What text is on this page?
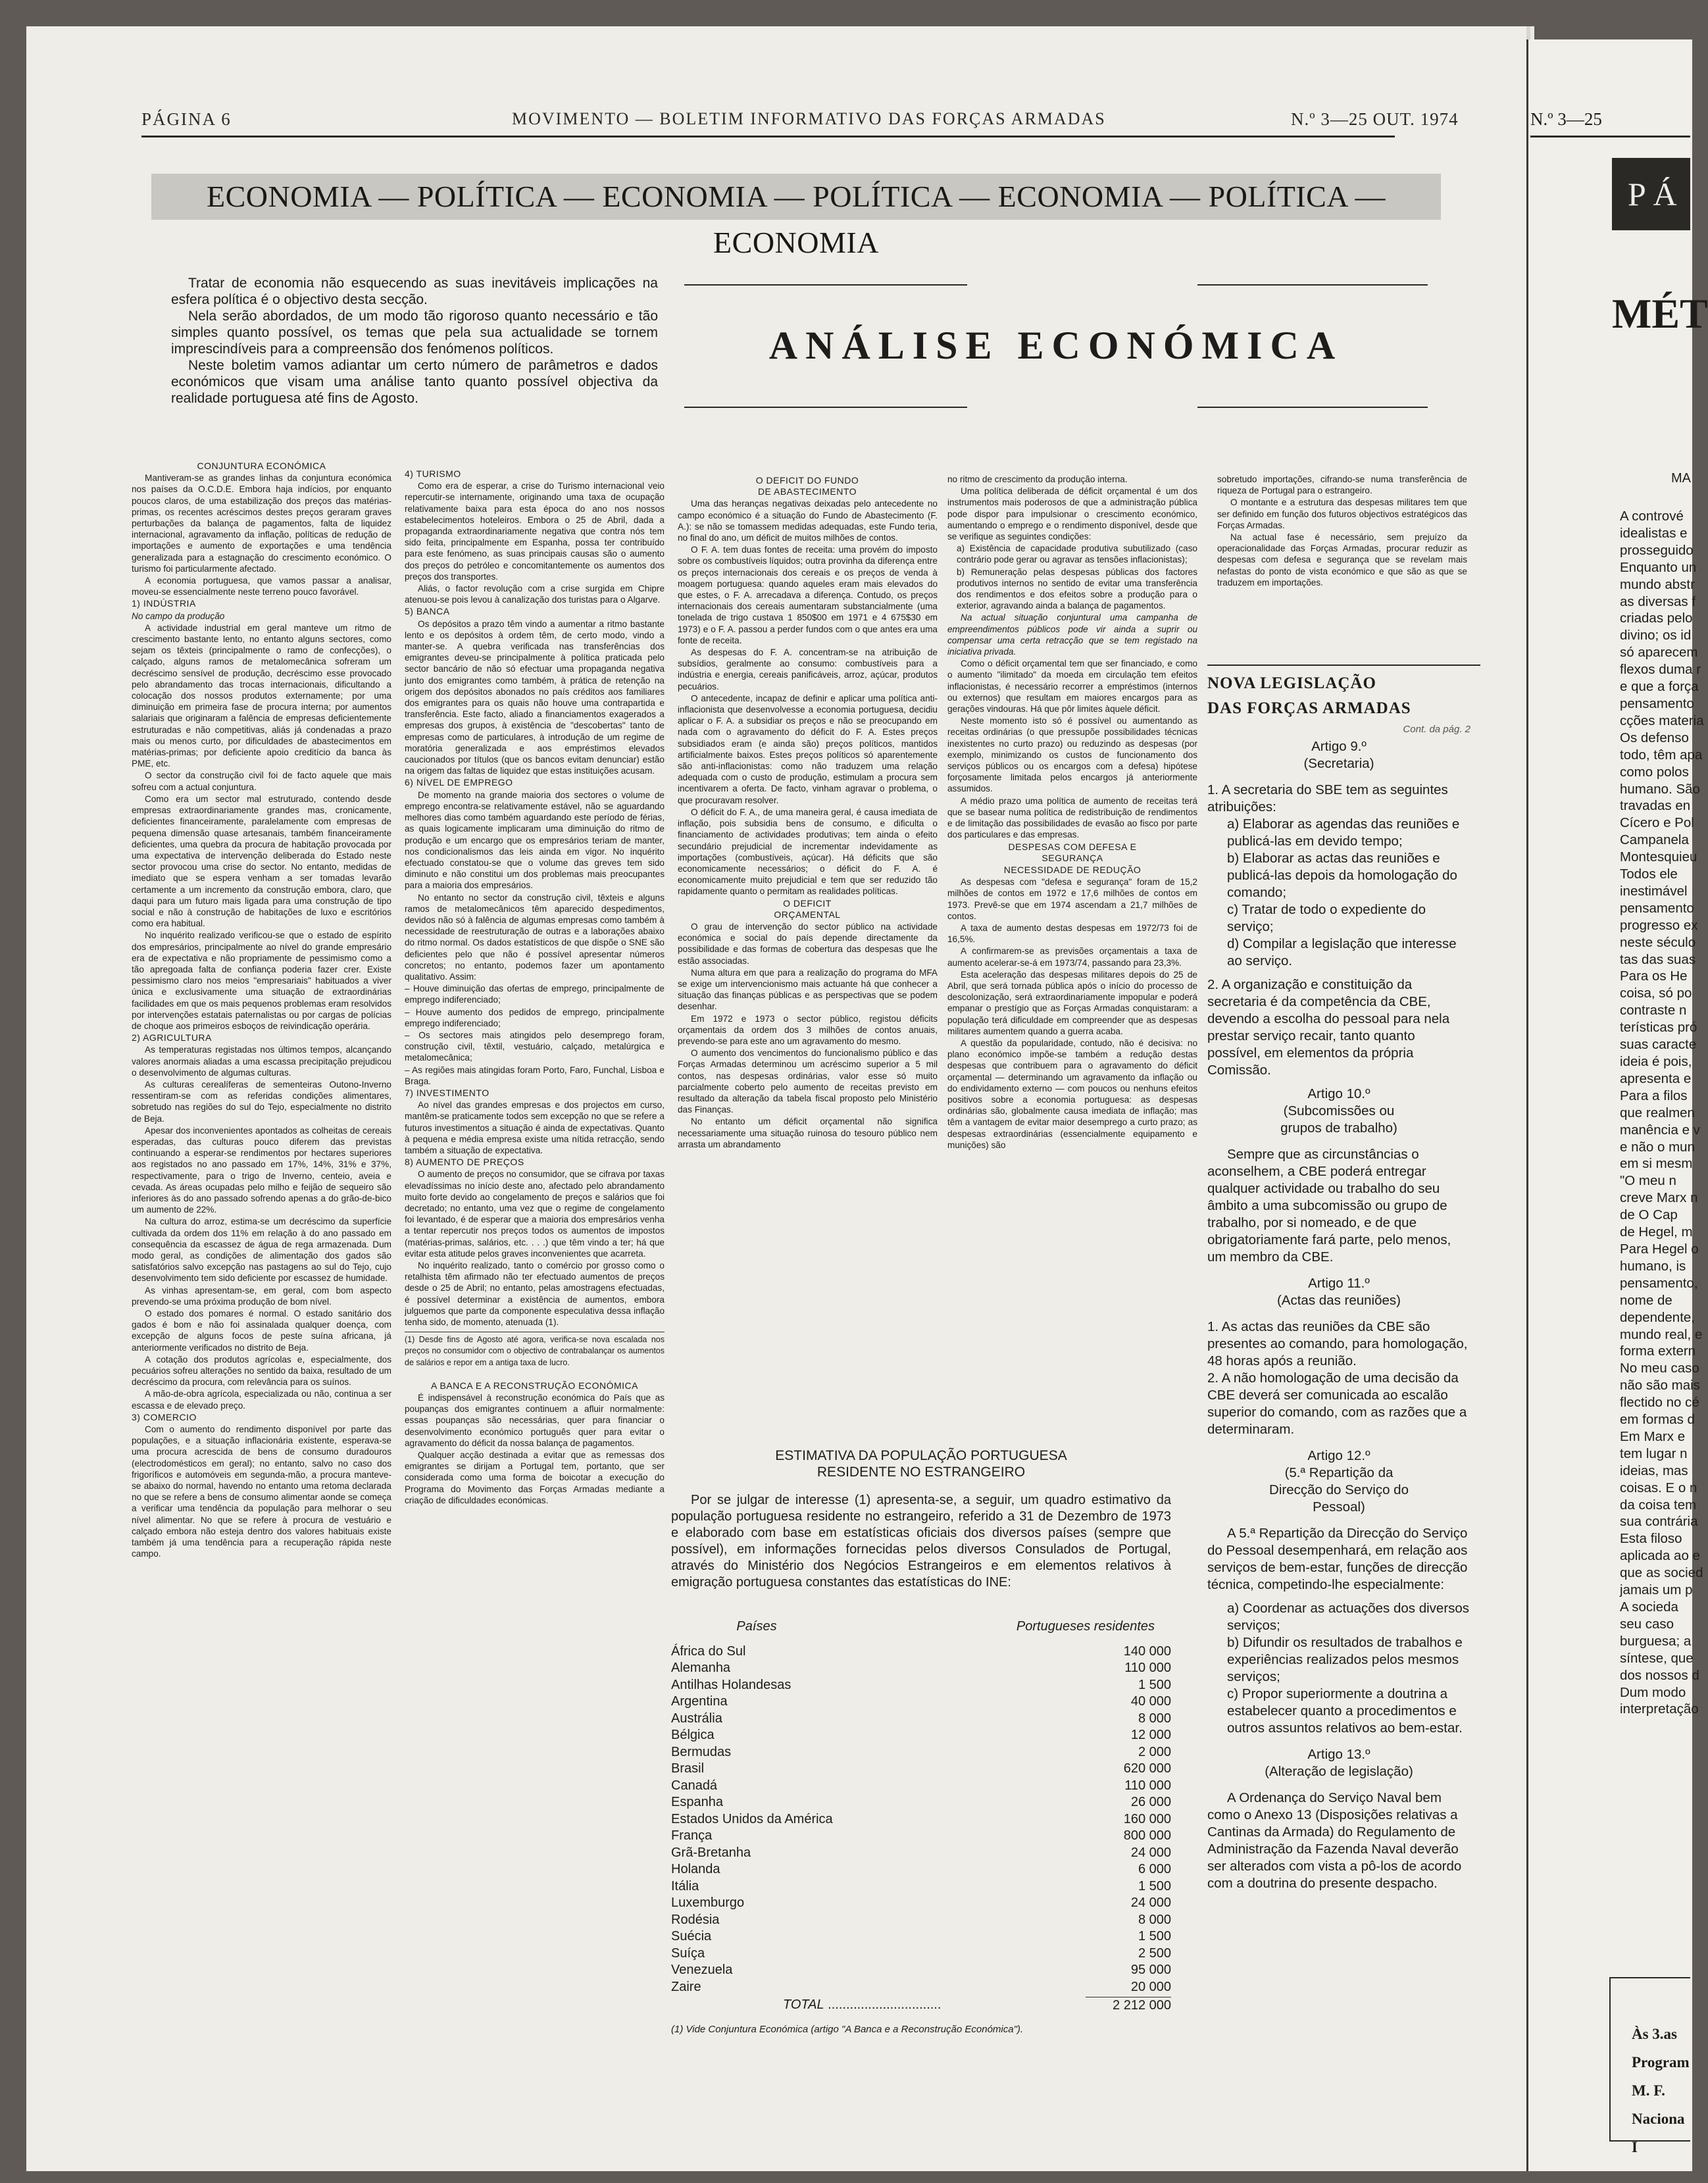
PÁGINA 6	MOVIMENTO — BOLETIM INFORMATIVO DAS FORÇAS ARMADAS	N.º 3—25 OUT. 1974
ECONOMIA — POLÍTICA — ECONOMIA — POLÍTICA — ECONOMIA — POLÍTICA — ECONOMIA

Tratar de economia não esquecendo as suas inevitáveis implicações na esfera política é o objectivo desta secção.

Nela serão abordados, de um modo tão rigoroso quanto necessário e tão simples quanto possível, os temas que pela sua actualidade se tornem imprescindíveis para a compreensão dos fenómenos políticos.

Neste boletim vamos adiantar um certo número de parâmetros e dados económicos que visam uma análise tanto quanto possível objectiva da realidade portuguesa até fins de Agosto.

ANÁLISE ECONÓMICA

CONJUNTURA ECONÓMICA

Mantiveram-se as grandes linhas da conjuntura económica nos países da O.C.D.E. Embora haja indícios, por enquanto poucos claros, de uma estabilização dos preços das matérias-primas, os recentes acréscimos destes preços geraram graves perturbações da balança de pagamentos, falta de liquidez internacional, agravamento da inflação, políticas de redução de importações e aumento de exportações e uma tendência generalizada para a estagnação do crescimento económico. O turismo foi particularmente afectado.

A economia portuguesa, que vamos passar a analisar, moveu-se essencialmente neste terreno pouco favorável.

1) INDÚSTRIA

No campo da produção

A actividade industrial em geral manteve um ritmo de crescimento bastante lento, no entanto alguns sectores, como sejam os têxteis (principalmente o ramo de confecções), o calçado, alguns ramos de metalomecânica sofreram um decréscimo sensível de produção, decréscimo esse provocado pelo abrandamento das trocas internacionais, dificultando a colocação dos nossos produtos externamente; por uma diminuição em primeira fase de procura interna; por aumentos salariais que originaram a falência de empresas deficientemente estruturadas e não competitivas, aliás já condenadas a prazo mais ou menos curto, por dificuldades de abastecimentos em matérias-primas; por deficiente apoio creditício da banca às PME, etc.

O sector da construção civil foi de facto aquele que mais sofreu com a actual conjuntura.

Como era um sector mal estruturado, contendo desde empresas extraordinariamente grandes mas, cronicamente, deficientes financeiramente, paralelamente com empresas de pequena dimensão quase artesanais, também financeiramente deficientes, uma quebra da procura de habitação provocada por uma expectativa de intervenção deliberada do Estado neste sector provocou uma crise do sector. No entanto, medidas de imediato que se espera venham a ser tomadas levarão certamente a um incremento da construção embora, claro, que daqui para um futuro mais ligada para uma construção de tipo social e não à construção de habitações de luxo e escritórios como era habitual.

No inquérito realizado verificou-se que o estado de espírito dos empresários, principalmente ao nível do grande empresário era de expectativa e não propriamente de pessimismo como a tão apregoada falta de confiança poderia fazer crer. Existe pessimismo claro nos meios "empresariais" habituados a viver única e exclusivamente uma situação de extraordinárias facilidades em que os mais pequenos problemas eram resolvidos por intervenções estatais paternalistas ou por cargas de polícias de choque aos primeiros esboços de reivindicação operária.

2) AGRICULTURA

As temperaturas registadas nos últimos tempos, alcançando valores anormais aliadas a uma escassa precipitação prejudicou o desenvolvimento de algumas culturas.

As culturas cerealíferas de sementeiras Outono-Inverno ressentiram-se com as referidas condições alimentares, sobretudo nas regiões do sul do Tejo, especialmente no distrito de Beja.

Apesar dos inconvenientes apontados as colheitas de cereais esperadas, das culturas pouco diferem das previstas continuando a esperar-se rendimentos por hectares superiores aos registados no ano passado em 17%, 14%, 31% e 37%, respectivamente, para o trigo de Inverno, centeio, aveia e cevada. As áreas ocupadas pelo milho e feijão de sequeiro são inferiores às do ano passado sofrendo apenas a do grão-de-bico um aumento de 22%.

Na cultura do arroz, estima-se um decréscimo da superfície cultivada da ordem dos 11% em relação à do ano passado em consequência da escassez de água de rega armazenada. Dum modo geral, as condições de alimentação dos gados são satisfatórios salvo excepção nas pastagens ao sul do Tejo, cujo desenvolvimento tem sido deficiente por escassez de humidade.

As vinhas apresentam-se, em geral, com bom aspecto prevendo-se uma próxima produção de bom nível.

O estado dos pomares é normal. O estado sanitário dos gados é bom e não foi assinalada qualquer doença, com excepção de alguns focos de peste suína africana, já anteriormente verificados no distrito de Beja.

A cotação dos produtos agrícolas e, especialmente, dos pecuários sofreu alterações no sentido da baixa, resultado de um decréscimo da procura, com relevância para os suínos.

A mão-de-obra agrícola, especializada ou não, continua a ser escassa e de elevado preço.

3) COMERCIO

Com o aumento do rendimento disponível por parte das populações, e a situação inflacionária existente, esperava-se uma procura acrescida de bens de consumo duradouros (electrodomésticos em geral); no entanto, salvo no caso dos frigoríficos e automóveis em segunda-mão, a procura manteve-se abaixo do normal, havendo no entanto uma retoma declarada no que se refere a bens de consumo alimentar aonde se começa a verificar uma tendência da população para melhorar o seu nível alimentar. No que se refere à procura de vestuário e calçado embora não esteja dentro dos valores habituais existe também já uma tendência para a recuperação rápida neste campo.

4) TURISMO

Como era de esperar, a crise do Turismo internacional veio repercutir-se internamente, originando uma taxa de ocupação relativamente baixa para esta época do ano nos nossos estabelecimentos hoteleiros. Embora o 25 de Abril, dada a propaganda extraordinariamente negativa que contra nós tem sido feita, principalmente em Espanha, possa ter contribuído para este fenómeno, as suas principais causas são o aumento dos preços do petróleo e concomitantemente os aumentos dos preços dos transportes.

Aliás, o factor revolução com a crise surgida em Chipre atenuou-se pois levou à canalização dos turistas para o Algarve.

5) BANCA

Os depósitos a prazo têm vindo a aumentar a ritmo bastante lento e os depósitos à ordem têm, de certo modo, vindo a manter-se. A quebra verificada nas transferências dos emigrantes deveu-se principalmente à política praticada pelo sector bancário de não só efectuar uma propaganda negativa junto dos emigrantes como também, à prática de retenção na origem dos depósitos abonados no país créditos aos familiares dos emigrantes para os quais não houve uma contrapartida e transferência. Este facto, aliado a financiamentos exagerados a empresas dos grupos, à existência de "descobertas" tanto de empresas como de particulares, à introdução de um regime de moratória generalizada e aos empréstimos elevados caucionados por títulos (que os bancos evitam denunciar) estão na origem das faltas de liquidez que estas instituições acusam.

6) NÍVEL DE EMPREGO

De momento na grande maioria dos sectores o volume de emprego encontra-se relativamente estável, não se aguardando melhores dias como também aguardando este período de férias, as quais logicamente implicaram uma diminuição do ritmo de produção e um encargo que os empresários teriam de manter, nos condicionalismos das leis ainda em vigor. No inquérito efectuado constatou-se que o volume das greves tem sido diminuto e não constitui um dos problemas mais preocupantes para a maioria dos empresários.

No entanto no sector da construção civil, têxteis e alguns ramos de metalomecânicos têm aparecido despedimentos, devidos não só à falência de algumas empresas como também à necessidade de reestruturação de outras e a laborações abaixo do ritmo normal. Os dados estatísticos de que dispõe o SNE são deficientes pelo que não é possível apresentar números concretos; no entanto, podemos fazer um apontamento qualitativo. Assim:

– Houve diminuição das ofertas de emprego, principalmente de emprego indiferenciado;

– Houve aumento dos pedidos de emprego, principalmente emprego indiferenciado;

– Os sectores mais atingidos pelo desemprego foram, construção civil, têxtil, vestuário, calçado, metalúrgica e metalomecânica;

– As regiões mais atingidas foram Porto, Faro, Funchal, Lisboa e Braga.

7) INVESTIMENTO

Ao nível das grandes empresas e dos projectos em curso, mantêm-se praticamente todos sem excepção no que se refere a futuros investimentos a situação é ainda de expectativas. Quanto à pequena e média empresa existe uma nítida retracção, sendo também a situação de expectativa.

8) AUMENTO DE PREÇOS

O aumento de preços no consumidor, que se cifrava por taxas elevadíssimas no início deste ano, afectado pelo abrandamento muito forte devido ao congelamento de preços e salários que foi decretado; no entanto, uma vez que o regime de congelamento foi levantado, é de esperar que a maioria dos empresários venha a tentar repercutir nos preços todos os aumentos de impostos (matérias-primas, salários, etc. . . .) que têm vindo a ter; há que evitar esta atitude pelos graves inconvenientes que acarreta.

No inquérito realizado, tanto o comércio por grosso como o retalhista têm afirmado não ter efectuado aumentos de preços desde o 25 de Abril; no entanto, pelas amostragens efectuadas, é possível determinar a existência de aumentos, embora julguemos que parte da componente especulativa dessa inflação tenha sido, de momento, atenuada (1).

(1) Desde fins de Agosto até agora, verifica-se nova escalada nos preços no consumidor com o objectivo de contrabalançar os aumentos de salários e repor em a antiga taxa de lucro.

A BANCA E A RECONSTRUÇÃO ECONÓMICA

É indispensável à reconstrução económica do País que as poupanças dos emigrantes continuem a afluir normalmente: essas poupanças são necessárias, quer para financiar o desenvolvimento económico português quer para evitar o agravamento do déficit da nossa balança de pagamentos.

Qualquer acção destinada a evitar que as remessas dos emigrantes se dirijam a Portugal tem, portanto, que ser considerada como uma forma de boicotar a execução do Programa do Movimento das Forças Armadas mediante a criação de dificuldades económicas.

O DEFICIT DO FUNDO DE ABASTECIMENTO

Uma das heranças negativas deixadas pelo antecedente no campo económico é a situação do Fundo de Abastecimento (F. A.): se não se tomassem medidas adequadas, este Fundo teria, no final do ano, um déficit de muitos milhões de contos.

O F. A. tem duas fontes de receita: uma provém do imposto sobre os combustíveis líquidos; outra provinha da diferença entre os preços internacionais dos cereais e os preços de venda à moagem portuguesa: quando aqueles eram mais elevados do que estes, o F. A. arrecadava a diferença. Contudo, os preços internacionais dos cereais aumentaram substancialmente (uma tonelada de trigo custava 1 850$00 em 1971 e 4 675$30 em 1973) e o F. A. passou a perder fundos com o que antes era uma fonte de receita.

As despesas do F. A. concentram-se na atribuição de subsídios, geralmente ao consumo: combustíveis para a indústria e energia, cereais panificáveis, arroz, açúcar, produtos pecuários.

O antecedente, incapaz de definir e aplicar uma política anti-inflacionista que desenvolvesse a economia portuguesa, decidiu aplicar o F. A. a subsidiar os preços e não se preocupando em nada com o agravamento do déficit do F. A. Estes preços subsidiados eram (e ainda são) preços políticos, mantidos artificialmente baixos. Estes preços políticos só aparentemente são anti-inflacionistas: como não traduzem uma relação adequada com o custo de produção, estimulam a procura sem incentivarem a oferta. De facto, vinham agravar o problema, o que procuravam resolver.

O déficit do F. A., de uma maneira geral, é causa imediata de inflação, pois subsidia bens de consumo, e dificulta o financiamento de actividades produtivas; tem ainda o efeito secundário prejudicial de incrementar indevidamente as importações (combustíveis, açúcar). Há déficits que são economicamente necessários; o déficit do F. A. é economicamente muito prejudicial e tem que ser reduzido tão rapidamente quanto o permitam as realidades políticas.

O DEFICIT ORÇAMENTAL

O grau de intervenção do sector público na actividade económica e social do país depende directamente da possibilidade e das formas de cobertura das despesas que lhe estão associadas.

Numa altura em que para a realização do programa do MFA se exige um intervencionismo mais actuante há que conhecer a situação das finanças públicas e as perspectivas que se podem desenhar.

Em 1972 e 1973 o sector público, registou déficits orçamentais da ordem dos 3 milhões de contos anuais, prevendo-se para este ano um agravamento do mesmo.

O aumento dos vencimentos do funcionalismo público e das Forças Armadas determinou um acréscimo superior a 5 mil contos, nas despesas ordinárias, valor esse só muito parcialmente coberto pelo aumento de receitas previsto em resultado da alteração da tabela fiscal proposto pelo Ministério das Finanças.

No entanto um déficit orçamental não significa necessariamente uma situação ruinosa do tesouro público nem arrasta um abrandamento

no ritmo de crescimento da produção interna.

Uma política deliberada de déficit orçamental é um dos instrumentos mais poderosos de que a administração pública pode dispor para impulsionar o crescimento económico, aumentando o emprego e o rendimento disponível, desde que se verifique as seguintes condições:

a) Existência de capacidade produtiva subutilizado (caso contrário pode gerar ou agravar as tensões inflacionistas);

b) Remuneração pelas despesas públicas dos factores produtivos internos no sentido de evitar uma transferência dos rendimentos e dos efeitos sobre a produção para o exterior, agravando ainda a balança de pagamentos.

Na actual situação conjuntural uma campanha de empreendimentos públicos pode vir ainda a suprir ou compensar uma certa retracção que se tem registado na iniciativa privada.

Como o déficit orçamental tem que ser financiado, e como o aumento "ilimitado" da moeda em circulação tem efeitos inflacionistas, é necessário recorrer a empréstimos (internos ou externos) que resultam em maiores encargos para as gerações vindouras. Há que pôr limites àquele déficit.

Neste momento isto só é possível ou aumentando as receitas ordinárias (o que pressupõe possibilidades técnicas inexistentes no curto prazo) ou reduzindo as despesas (por exemplo, minimizando os custos de funcionamento dos serviços públicos ou os encargos com a defesa) hipótese forçosamente limitada pelos encargos já anteriormente assumidos.

A médio prazo uma política de aumento de receitas terá que se basear numa política de redistribuição de rendimentos e de limitação das possibilidades de evasão ao fisco por parte dos particulares e das empresas.

DESPESAS COM DEFESA E SEGURANÇA

NECESSIDADE DE REDUÇÃO

As despesas com "defesa e segurança" foram de 15,2 milhões de contos em 1972 e 17,6 milhões de contos em 1973. Prevê-se que em 1974 ascendam a 21,7 milhões de contos.

A taxa de aumento destas despesas em 1972/73 foi de 16,5%.

A confirmarem-se as previsões orçamentais a taxa de aumento acelerar-se-á em 1973/74, passando para 23,3%.

Esta aceleração das despesas militares depois do 25 de Abril, que será tornada pública após o início do processo de descolonização, será extraordinariamente impopular e poderá empanar o prestígio que as Forças Armadas conquistaram: a população terá dificuldade em compreender que as despesas militares aumentem quando a guerra acaba.

A questão da popularidade, contudo, não é decisiva: no plano económico impõe-se também a redução destas despesas que contribuem para o agravamento do déficit orçamental — determinando um agravamento da inflação ou do endividamento externo — com poucos ou nenhuns efeitos positivos sobre a economia portuguesa: as despesas ordinárias são, globalmente causa imediata de inflação; mas têm a vantagem de evitar maior desemprego a curto prazo; as despesas extraordinárias (essencialmente equipamento e munições) são

sobretudo importações, cifrando-se numa transferência de riqueza de Portugal para o estrangeiro.

O montante e a estrutura das despesas militares tem que ser definido em função dos futuros objectivos estratégicos das Forças Armadas.

Na actual fase é necessário, sem prejuízo da operacionalidade das Forças Armadas, procurar reduzir as despesas com defesa e segurança que se revelam mais nefastas do ponto de vista económico e que são as que se traduzem em importações.

NOVA LEGISLAÇÃO

DAS FORÇAS ARMADAS

Cont. da pág. 2

Artigo 9.º

(Secretaria)

1. A secretaria do SBE tem as seguintes atribuições:

a) Elaborar as agendas das reuniões e publicá-las em devido tempo;

b) Elaborar as actas das reuniões e publicá-las depois da homologação do comando;

c) Tratar de todo o expediente do serviço;

d) Compilar a legislação que interesse ao serviço.

2. A organização e constituição da secretaria é da competência da CBE, devendo a escolha do pessoal para nela prestar serviço recair, tanto quanto possível, em elementos da própria Comissão.

Artigo 10.º

(Subcomissões ou grupos de trabalho)

Sempre que as circunstâncias o aconselhem, a CBE poderá entregar qualquer actividade ou trabalho do seu âmbito a uma subcomissão ou grupo de trabalho, por si nomeado, e de que obrigatoriamente fará parte, pelo menos, um membro da CBE.

Artigo 11.º

(Actas das reuniões)

1. As actas das reuniões da CBE são presentes ao comando, para homologação, 48 horas após a reunião.

2. A não homologação de uma decisão da CBE deverá ser comunicada ao escalão superior do comando, com as razões que a determinaram.

Artigo 12.º

(5.ª Repartição da Direcção do Serviço do Pessoal)

A 5.ª Repartição da Direcção do Serviço do Pessoal desempenhará, em relação aos serviços de bem-estar, funções de direcção técnica, competindo-lhe especialmente:

a) Coordenar as actuações dos diversos serviços;

b) Difundir os resultados de trabalhos e experiências realizados pelos mesmos serviços;

c) Propor superiormente a doutrina a estabelecer quanto a procedimentos e outros assuntos relativos ao bem-estar.

Artigo 13.º

(Alteração de legislação)

A Ordenança do Serviço Naval bem como o Anexo 13 (Disposições relativas a Cantinas da Armada) do Regulamento de Administração da Fazenda Naval deverão ser alterados com vista a pô-los de acordo com a doutrina do presente despacho.

ESTIMATIVA DA POPULAÇÃO PORTUGUESA
RESIDENTE NO ESTRANGEIRO
Por se julgar de interesse (1) apresenta-se, a seguir, um quadro estimativo da população portuguesa residente no estrangeiro, referido a 31 de Dezembro de 1973 e elaborado com base em estatísticas oficiais dos diversos países (sempre que possível), em informações fornecidas pelos diversos Consulados de Portugal, através do Ministério dos Negócios Estrangeiros e em elementos relativos à emigração portuguesa constantes das estatísticas do INE:
Países	Portugueses residentes
África do Sul	140 000
Alemanha	110 000
Antilhas Holandesas	1 500
Argentina	40 000
Austrália	8 000
Bélgica	12 000
Bermudas	2 000
Brasil	620 000
Canadá	110 000
Espanha	26 000
Estados Unidos da América	160 000
França	800 000
Grã-Bretanha	24 000
Holanda	6 000
Itália	1 500
Luxemburgo	24 000
Rodésia	8 000
Suécia	1 500
Suíça	2 500
Venezuela	95 000
Zaire	20 000
TOTAL ...............................	2 212 000
(1) Vide Conjuntura Económica (artigo "A Banca e a Reconstrução Económica").
N.º 3—25
P Á
MÉT
MA
A contrové
idealistas e
prosseguido
Enquanto un
mundo abstr
as diversas f
criadas pelo
divino; os id
só aparecem
flexos duma r
e que a força
pensamento
cções materia
Os defenso
todo, têm apa
como polos
humano. São
travadas en
Cícero e Pol
Campanela
Montesquieu
Todos ele
inestimável
pensamento
progresso ex
neste século
tas das suas
Para os He
coisa, só po
contraste n
terísticas pró
suas caracte
ideia é pois,
apresenta e
Para a filos
que realmen
manência e v
e não o mun
em si mesm
"O meu n
creve Marx n
de O Cap
de Hegel, m
Para Hegel o
humano, is
pensamento,
nome de
dependente,
mundo real, e
forma extern
No meu caso
não são mais
flectido no cé
em formas d
Em Marx e
tem lugar n
ideias, mas
coisas. E o n
da coisa tem
sua contrária
Esta filoso
aplicada ao e
que as socied
jamais um p
A socieda
seu caso
burguesa; a
síntese, que
dos nossos d
Dum modo
interpretação
Às 3.as
Program
M. F.
Naciona
I
